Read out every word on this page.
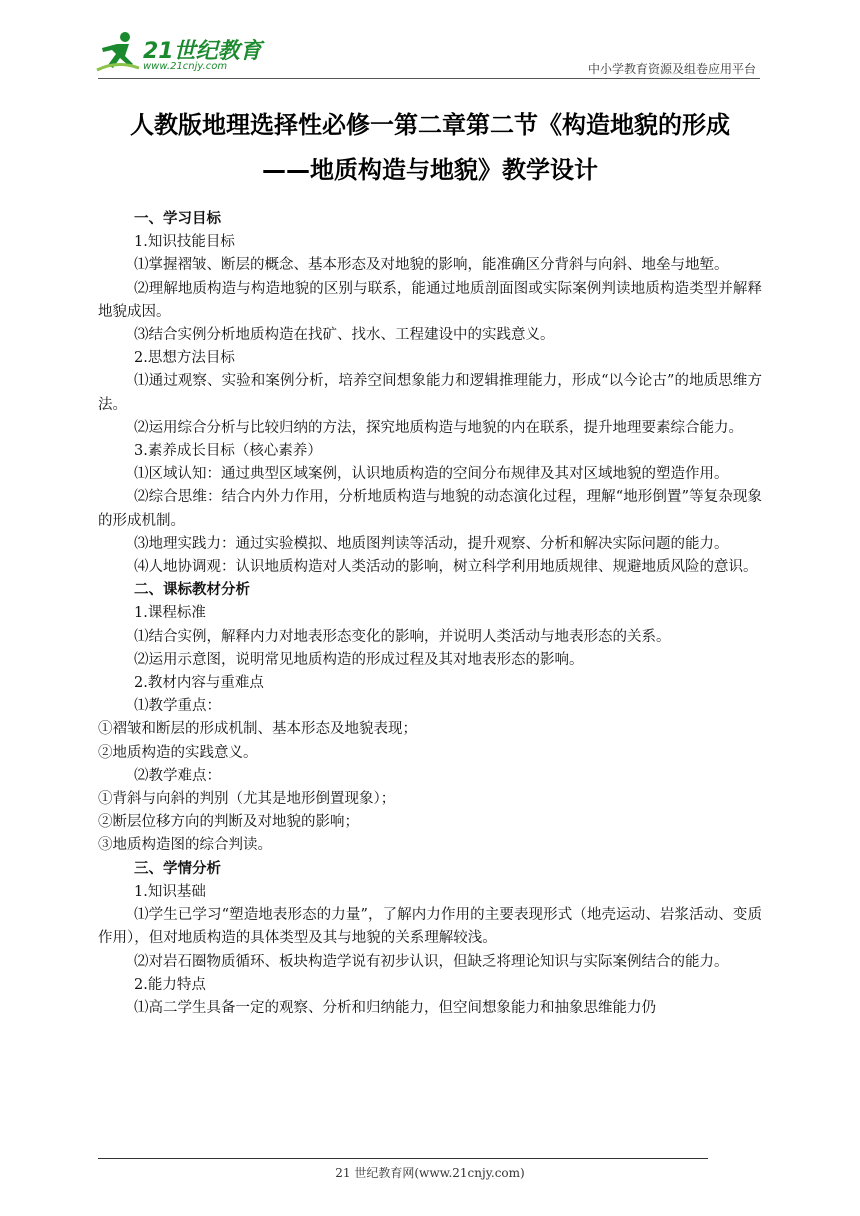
21世纪教育
www.21cnjy.com	中小学教育资源及组卷应用平台
人教版地理选择性必修一第二章第二节《构造地貌的形成
——地质构造与地貌》教学设计

一、学习目标

1.知识技能目标

⑴掌握褶皱、断层的概念、基本形态及对地貌的影响，能准确区分背斜与向斜、地垒与地堑。

⑵理解地质构造与构造地貌的区别与联系，能通过地质剖面图或实际案例判读地质构造类型并解释地貌成因。

⑶结合实例分析地质构造在找矿、找水、工程建设中的实践意义。

2.思想方法目标

⑴通过观察、实验和案例分析，培养空间想象能力和逻辑推理能力，形成“以今论古”的地质思维方法。

⑵运用综合分析与比较归纳的方法，探究地质构造与地貌的内在联系，提升地理要素综合能力。

3.素养成长目标（核心素养）

⑴区域认知：通过典型区域案例，认识地质构造的空间分布规律及其对区域地貌的塑造作用。

⑵综合思维：结合内外力作用，分析地质构造与地貌的动态演化过程，理解“地形倒置”等复杂现象的形成机制。

⑶地理实践力：通过实验模拟、地质图判读等活动，提升观察、分析和解决实际问题的能力。

⑷人地协调观：认识地质构造对人类活动的影响，树立科学利用地质规律、规避地质风险的意识。

二、课标教材分析

1.课程标准

⑴结合实例，解释内力对地表形态变化的影响，并说明人类活动与地表形态的关系。

⑵运用示意图，说明常见地质构造的形成过程及其对地表形态的影响。

2.教材内容与重难点

⑴教学重点：

①褶皱和断层的形成机制、基本形态及地貌表现；

②地质构造的实践意义。

⑵教学难点：

①背斜与向斜的判别（尤其是地形倒置现象）；

②断层位移方向的判断及对地貌的影响；

③地质构造图的综合判读。

三、学情分析

1.知识基础

⑴学生已学习“塑造地表形态的力量”，了解内力作用的主要表现形式（地壳运动、岩浆活动、变质作用），但对地质构造的具体类型及其与地貌的关系理解较浅。

⑵对岩石圈物质循环、板块构造学说有初步认识，但缺乏将理论知识与实际案例结合的能力。

2.能力特点

⑴高二学生具备一定的观察、分析和归纳能力，但空间想象能力和抽象思维能力仍

21 世纪教育网(www.21cnjy.com)
